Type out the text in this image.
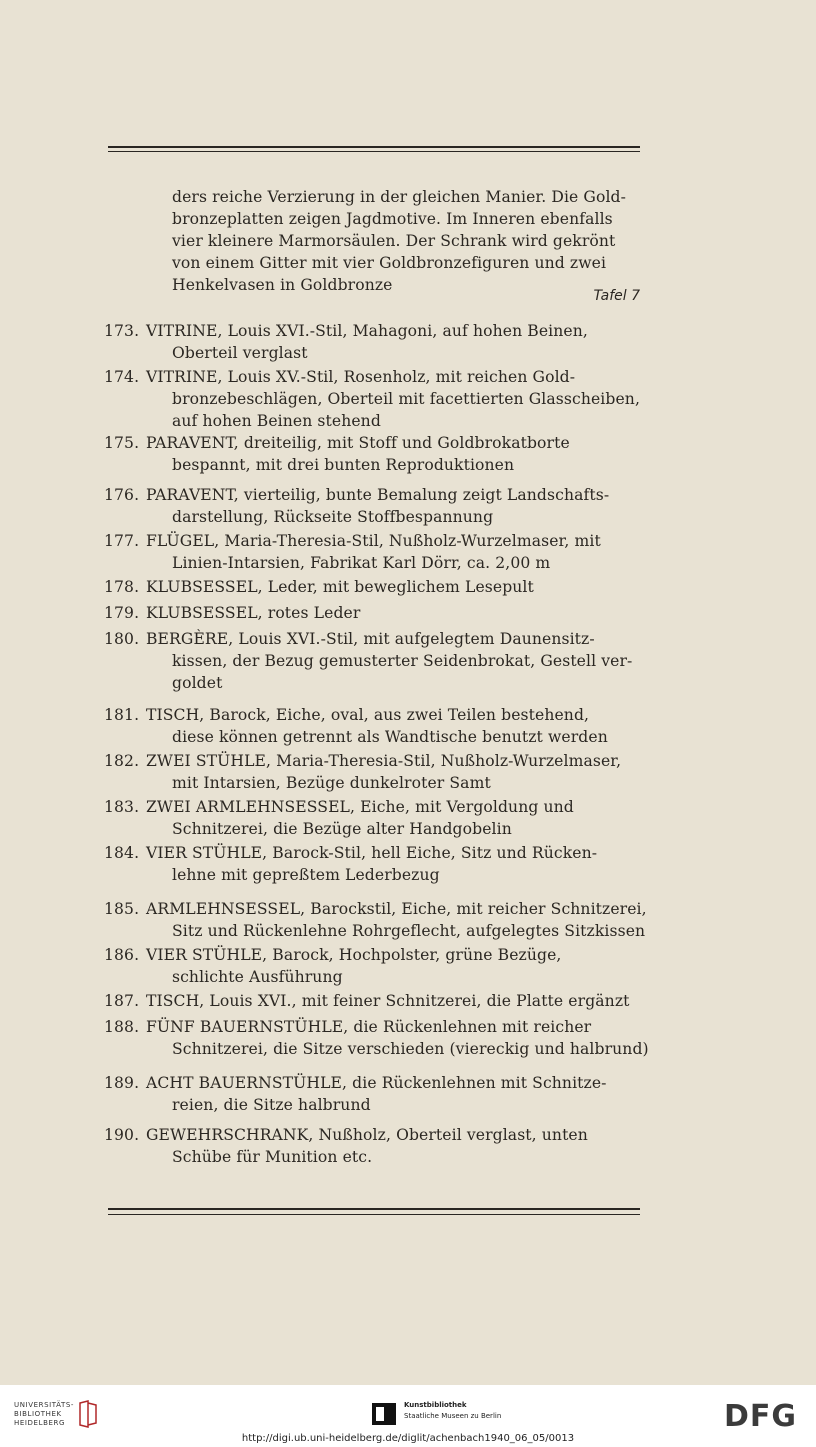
ders reiche Verzierung in der gleichen Manier. Die Gold-
bronzeplatten zeigen Jagdmotive. Im Inneren ebenfalls
vier kleinere Marmorsäulen. Der Schrank wird gekrönt
von einem Gitter mit vier Goldbronzefiguren und zwei
Henkelvasen in Goldbronze
Tafel 7
173. VITRINE, Louis XVI.-Stil, Mahagoni, auf hohen Beinen,
Oberteil verglast
174. VITRINE, Louis XV.-Stil, Rosenholz, mit reichen Gold-
bronzebeschlägen, Oberteil mit facettierten Glasscheiben,
auf hohen Beinen stehend
175. PARAVENT, dreiteilig, mit Stoff und Goldbrokatborte
bespannt, mit drei bunten Reproduktionen
176. PARAVENT, vierteilig, bunte Bemalung zeigt Landschafts-
darstellung, Rückseite Stoffbespannung
177. FLÜGEL, Maria-Theresia-Stil, Nußholz-Wurzelmaser, mit
Linien-Intarsien, Fabrikat Karl Dörr, ca. 2,00 m
178. KLUBSESSEL, Leder, mit beweglichem Lesepult
179. KLUBSESSEL, rotes Leder
180. BERGÈRE, Louis XVI.-Stil, mit aufgelegtem Daunensitz-
kissen, der Bezug gemusterter Seidenbrokat, Gestell ver-
goldet
181. TISCH, Barock, Eiche, oval, aus zwei Teilen bestehend,
diese können getrennt als Wandtische benutzt werden
182. ZWEI STÜHLE, Maria-Theresia-Stil, Nußholz-Wurzelmaser,
mit Intarsien, Bezüge dunkelroter Samt
183. ZWEI ARMLEHNSESSEL, Eiche, mit Vergoldung und
Schnitzerei, die Bezüge alter Handgobelin
184. VIER STÜHLE, Barock-Stil, hell Eiche, Sitz und Rücken-
lehne mit gepreßtem Lederbezug
185. ARMLEHNSESSEL, Barockstil, Eiche, mit reicher Schnitzerei,
Sitz und Rückenlehne Rohrgeflecht, aufgelegtes Sitzkissen
186. VIER STÜHLE, Barock, Hochpolster, grüne Bezüge,
schlichte Ausführung
187. TISCH, Louis XVI., mit feiner Schnitzerei, die Platte ergänzt
188. FÜNF BAUERNSTÜHLE, die Rückenlehnen mit reicher
Schnitzerei, die Sitze verschieden (viereckig und halbrund)
189. ACHT BAUERNSTÜHLE, die Rückenlehnen mit Schnitze-
reien, die Sitze halbrund
190. GEWEHRSCHRANK, Nußholz, Oberteil verglast, unten
Schübe für Munition etc.
UNIVERSITÄTS-
BIBLIOTHEK
HEIDELBERG
Kunstbibliothek
Staatliche Museen zu Berlin	DFG
http://digi.ub.uni-heidelberg.de/diglit/achenbach1940_06_05/0013
